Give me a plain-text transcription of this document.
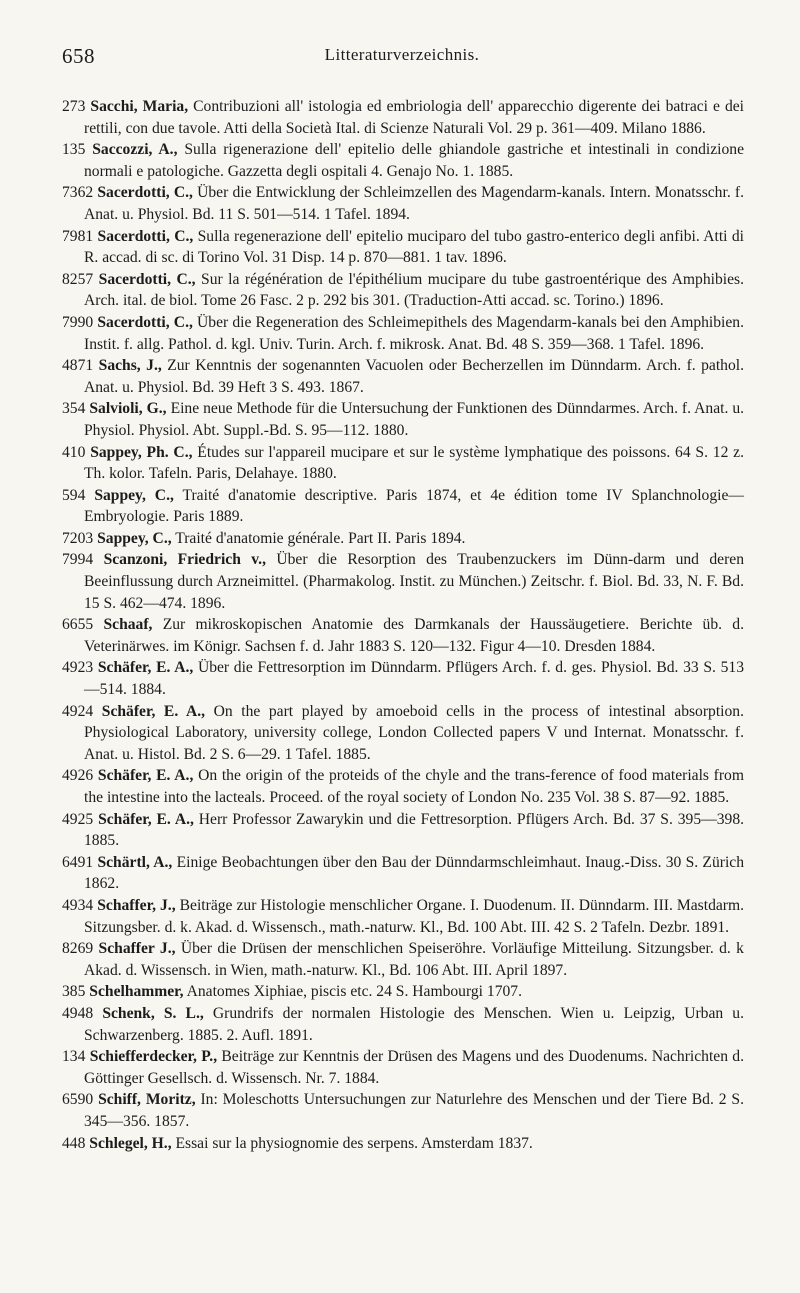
658	Litteraturverzeichnis.

273 Sacchi, Maria, Contribuzioni all' istologia ed embriologia dell' apparecchio digerente dei batraci e dei rettili, con due tavole. Atti della Società Ital. di Scienze Naturali Vol. 29 p. 361—409. Milano 1886.

135 Saccozzi, A., Sulla rigenerazione dell' epitelio delle ghiandole gastriche et intestinali in condizione normali e patologiche. Gazzetta degli ospitali 4. Genajo No. 1. 1885.

7362 Sacerdotti, C., Über die Entwicklung der Schleimzellen des Magendarm-kanals. Intern. Monatsschr. f. Anat. u. Physiol. Bd. 11 S. 501—514. 1 Tafel. 1894.

7981 Sacerdotti, C., Sulla regenerazione dell' epitelio muciparo del tubo gastro-enterico degli anfibi. Atti di R. accad. di sc. di Torino Vol. 31 Disp. 14 p. 870—881. 1 tav. 1896.

8257 Sacerdotti, C., Sur la régénération de l'épithélium mucipare du tube gastroentérique des Amphibies. Arch. ital. de biol. Tome 26 Fasc. 2 p. 292 bis 301. (Traduction-Atti accad. sc. Torino.) 1896.

7990 Sacerdotti, C., Über die Regeneration des Schleimepithels des Magendarm-kanals bei den Amphibien. Instit. f. allg. Pathol. d. kgl. Univ. Turin. Arch. f. mikrosk. Anat. Bd. 48 S. 359—368. 1 Tafel. 1896.

4871 Sachs, J., Zur Kenntnis der sogenannten Vacuolen oder Becherzellen im Dünndarm. Arch. f. pathol. Anat. u. Physiol. Bd. 39 Heft 3 S. 493. 1867.

354 Salvioli, G., Eine neue Methode für die Untersuchung der Funktionen des Dünndarmes. Arch. f. Anat. u. Physiol. Physiol. Abt. Suppl.-Bd. S. 95—112. 1880.

410 Sappey, Ph. C., Études sur l'appareil mucipare et sur le système lymphatique des poissons. 64 S. 12 z. Th. kolor. Tafeln. Paris, Delahaye. 1880.

594 Sappey, C., Traité d'anatomie descriptive. Paris 1874, et 4e édition tome IV Splanchnologie—Embryologie. Paris 1889.

7203 Sappey, C., Traité d'anatomie générale. Part II. Paris 1894.

7994 Scanzoni, Friedrich v., Über die Resorption des Traubenzuckers im Dünn-darm und deren Beeinflussung durch Arzneimittel. (Pharmakolog. Instit. zu München.) Zeitschr. f. Biol. Bd. 33, N. F. Bd. 15 S. 462—474. 1896.

6655 Schaaf, Zur mikroskopischen Anatomie des Darmkanals der Haussäugetiere. Berichte üb. d. Veterinärwes. im Königr. Sachsen f. d. Jahr 1883 S. 120—132. Figur 4—10. Dresden 1884.

4923 Schäfer, E. A., Über die Fettresorption im Dünndarm. Pflügers Arch. f. d. ges. Physiol. Bd. 33 S. 513—514. 1884.

4924 Schäfer, E. A., On the part played by amoeboid cells in the process of intestinal absorption. Physiological Laboratory, university college, London Collected papers V und Internat. Monatsschr. f. Anat. u. Histol. Bd. 2 S. 6—29. 1 Tafel. 1885.

4926 Schäfer, E. A., On the origin of the proteids of the chyle and the trans-ference of food materials from the intestine into the lacteals. Proceed. of the royal society of London No. 235 Vol. 38 S. 87—92. 1885.

4925 Schäfer, E. A., Herr Professor Zawarykin und die Fettresorption. Pflügers Arch. Bd. 37 S. 395—398. 1885.

6491 Schärtl, A., Einige Beobachtungen über den Bau der Dünndarmschleimhaut. Inaug.-Diss. 30 S. Zürich 1862.

4934 Schaffer, J., Beiträge zur Histologie menschlicher Organe. I. Duodenum. II. Dünndarm. III. Mastdarm. Sitzungsber. d. k. Akad. d. Wissensch., math.-naturw. Kl., Bd. 100 Abt. III. 42 S. 2 Tafeln. Dezbr. 1891.

8269 Schaffer J., Über die Drüsen der menschlichen Speiseröhre. Vorläufige Mitteilung. Sitzungsber. d. k Akad. d. Wissensch. in Wien, math.-naturw. Kl., Bd. 106 Abt. III. April 1897.

385 Schelhammer, Anatomes Xiphiae, piscis etc. 24 S. Hambourgi 1707.

4948 Schenk, S. L., Grundrifs der normalen Histologie des Menschen. Wien u. Leipzig, Urban u. Schwarzenberg. 1885. 2. Aufl. 1891.

134 Schiefferdecker, P., Beiträge zur Kenntnis der Drüsen des Magens und des Duodenums. Nachrichten d. Göttinger Gesellsch. d. Wissensch. Nr. 7. 1884.

6590 Schiff, Moritz, In: Moleschotts Untersuchungen zur Naturlehre des Menschen und der Tiere Bd. 2 S. 345—356. 1857.

448 Schlegel, H., Essai sur la physiognomie des serpens. Amsterdam 1837.
